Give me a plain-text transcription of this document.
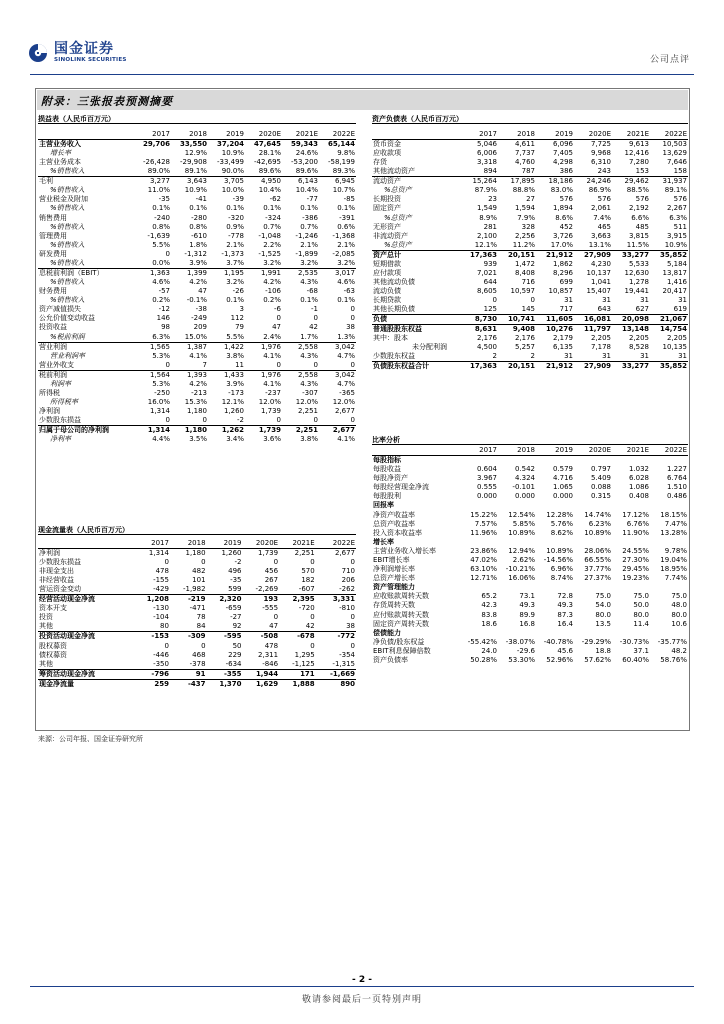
国金证券
SINOLINK SECURITIES	公司点评
附录：三张报表预测摘要
损益表（人民币百万元）
	2017	2018	2019	2020E	2021E	2022E
主营业务收入	29,706	33,550	37,204	47,645	59,343	65,144
增长率		12.9%	10.9%	28.1%	24.6%	9.8%
主营业务成本	-26,428	-29,908	-33,499	-42,695	-53,200	-58,199
%销售收入	89.0%	89.1%	90.0%	89.6%	89.6%	89.3%
毛利	3,277	3,643	3,705	4,950	6,143	6,945
%销售收入	11.0%	10.9%	10.0%	10.4%	10.4%	10.7%
营业税金及附加	-35	-41	-39	-62	-77	-85
%销售收入	0.1%	0.1%	0.1%	0.1%	0.1%	0.1%
销售费用	-240	-280	-320	-324	-386	-391
%销售收入	0.8%	0.8%	0.9%	0.7%	0.7%	0.6%
管理费用	-1,639	-610	-778	-1,048	-1,246	-1,368
%销售收入	5.5%	1.8%	2.1%	2.2%	2.1%	2.1%
研发费用	0	-1,312	-1,373	-1,525	-1,899	-2,085
%销售收入	0.0%	3.9%	3.7%	3.2%	3.2%	3.2%
息税前利润（EBIT）	1,363	1,399	1,195	1,991	2,535	3,017
%销售收入	4.6%	4.2%	3.2%	4.2%	4.3%	4.6%
财务费用	-57	47	-26	-106	-68	-63
%销售收入	0.2%	-0.1%	0.1%	0.2%	0.1%	0.1%
资产减值损失	-12	-38	3	-6	-1	0
公允价值变动收益	146	-249	112	0	0	0
投资收益	98	209	79	47	42	38
%税前利润	6.3%	15.0%	5.5%	2.4%	1.7%	1.3%
营业利润	1,565	1,387	1,422	1,976	2,558	3,042
营业利润率	5.3%	4.1%	3.8%	4.1%	4.3%	4.7%
营业外收支	0	7	11	0	0	0
税前利润	1,564	1,393	1,433	1,976	2,558	3,042
利润率	5.3%	4.2%	3.9%	4.1%	4.3%	4.7%
所得税	-250	-213	-173	-237	-307	-365
所得税率	16.0%	15.3%	12.1%	12.0%	12.0%	12.0%
净利润	1,314	1,180	1,260	1,739	2,251	2,677
少数股东损益	0	0	-2	0	0	0
归属于母公司的净利润	1,314	1,180	1,262	1,739	2,251	2,677
净利率	4.4%	3.5%	3.4%	3.6%	3.8%	4.1%
现金流量表（人民币百万元）
	2017	2018	2019	2020E	2021E	2022E
净利润	1,314	1,180	1,260	1,739	2,251	2,677
少数股东损益	0	0	-2	0	0	0
非现金支出	478	482	496	456	570	710
非经营收益	-155	101	-35	267	182	206
营运资金变动	-429	-1,982	599	-2,269	-607	-262
经营活动现金净流	1,208	-219	2,320	193	2,395	3,331
资本开支	-130	-471	-659	-555	-720	-810
投资	-104	78	-27	0	0	0
其他	80	84	92	47	42	38
投资活动现金净流	-153	-309	-595	-508	-678	-772
股权募资	0	0	50	478	0	0
债权募资	-446	468	229	2,311	1,295	-354
其他	-350	-378	-634	-846	-1,125	-1,315
筹资活动现金净流	-796	91	-355	1,944	171	-1,669
现金净流量	259	-437	1,370	1,629	1,888	890
资产负债表（人民币百万元）
	2017	2018	2019	2020E	2021E	2022E
货币资金	5,046	4,611	6,096	7,725	9,613	10,503
应收款项	6,006	7,737	7,405	9,968	12,416	13,629
存货	3,318	4,760	4,298	6,310	7,280	7,646
其他流动资产	894	787	386	243	153	158
流动资产	15,264	17,895	18,186	24,246	29,462	31,937
%总资产	87.9%	88.8%	83.0%	86.9%	88.5%	89.1%
长期投资	23	27	576	576	576	576
固定资产	1,549	1,594	1,894	2,061	2,192	2,267
%总资产	8.9%	7.9%	8.6%	7.4%	6.6%	6.3%
无形资产	281	328	452	465	485	511
非流动资产	2,100	2,256	3,726	3,663	3,815	3,915
%总资产	12.1%	11.2%	17.0%	13.1%	11.5%	10.9%
资产总计	17,363	20,151	21,912	27,909	33,277	35,852
短期借款	939	1,472	1,862	4,230	5,533	5,184
应付款项	7,021	8,408	8,296	10,137	12,630	13,817
其他流动负债	644	716	699	1,041	1,278	1,416
流动负债	8,605	10,597	10,857	15,407	19,441	20,417
长期贷款	0	0	31	31	31	31
其他长期负债	125	145	717	643	627	619
负债	8,730	10,741	11,605	16,081	20,098	21,067
普通股股东权益	8,631	9,408	10,276	11,797	13,148	14,754
其中：股本	2,176	2,176	2,179	2,205	2,205	2,205
未分配利润	4,500	5,257	6,135	7,178	8,528	10,135
少数股东权益	2	2	31	31	31	31
负债股东权益合计	17,363	20,151	21,912	27,909	33,277	35,852
比率分析
	2017	2018	2019	2020E	2021E	2022E
每股指标						
每股收益	0.604	0.542	0.579	0.797	1.032	1.227
每股净资产	3.967	4.324	4.716	5.409	6.028	6.764
每股经营现金净流	0.555	-0.101	1.065	0.088	1.086	1.510
每股股利	0.000	0.000	0.000	0.315	0.408	0.486
回报率						
净资产收益率	15.22%	12.54%	12.28%	14.74%	17.12%	18.15%
总资产收益率	7.57%	5.85%	5.76%	6.23%	6.76%	7.47%
投入资本收益率	11.96%	10.89%	8.62%	10.89%	11.90%	13.28%
增长率						
主营业务收入增长率	23.86%	12.94%	10.89%	28.06%	24.55%	9.78%
EBIT增长率	47.02%	2.62%	-14.56%	66.55%	27.30%	19.04%
净利润增长率	63.10%	-10.21%	6.96%	37.77%	29.45%	18.95%
总资产增长率	12.71%	16.06%	8.74%	27.37%	19.23%	7.74%
资产管理能力						
应收账款周转天数	65.2	73.1	72.8	75.0	75.0	75.0
存货周转天数	42.3	49.3	49.3	54.0	50.0	48.0
应付账款周转天数	83.8	89.9	87.3	80.0	80.0	80.0
固定资产周转天数	18.6	16.8	16.4	13.5	11.4	10.6
偿债能力						
净负债/股东权益	-55.42%	-38.07%	-40.78%	-29.29%	-30.73%	-35.77%
EBIT利息保障倍数	24.0	-29.6	45.6	18.8	37.1	48.2
资产负债率	50.28%	53.30%	52.96%	57.62%	60.40%	58.76%
来源：公司年报、国金证券研究所
- 2 -
敬请参阅最后一页特别声明
